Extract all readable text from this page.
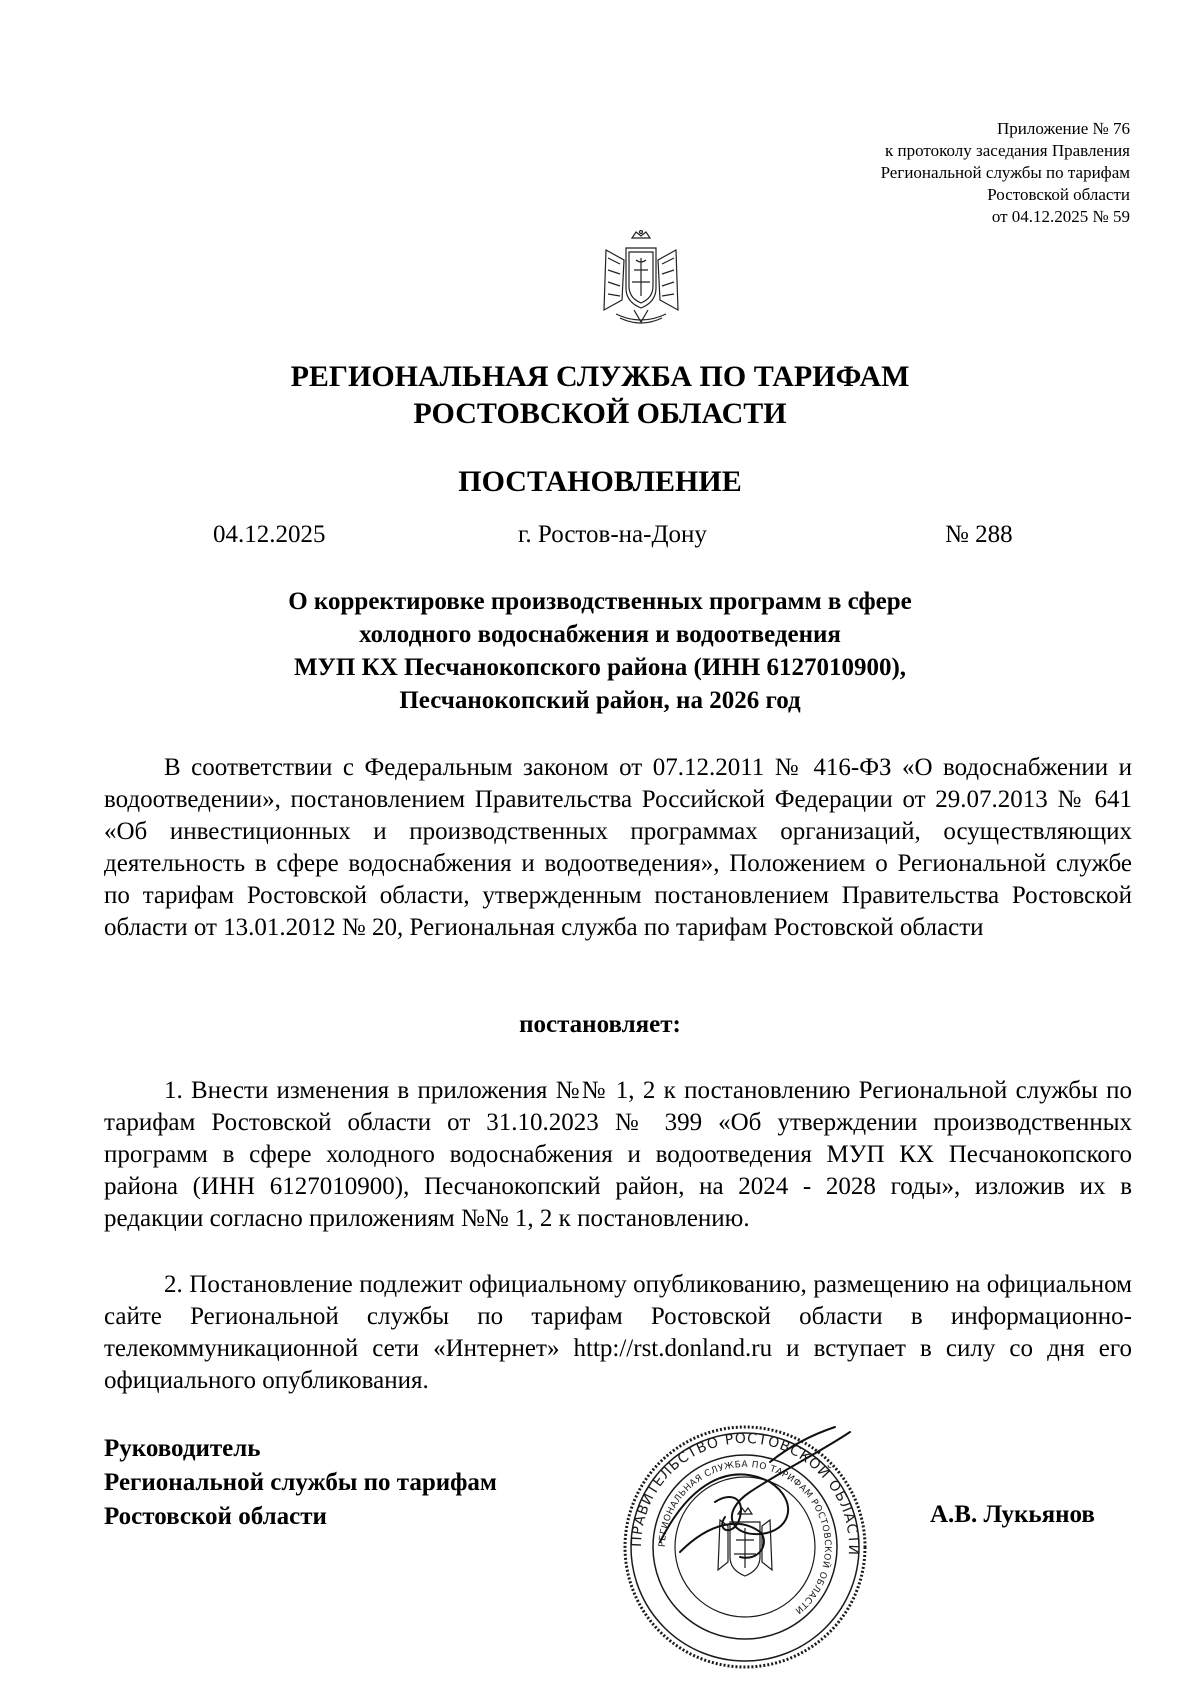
Приложение № 76
к протоколу заседания Правления
Региональной службы по тарифам
Ростовской области
от 04.12.2025 № 59
РЕГИОНАЛЬНАЯ СЛУЖБА ПО ТАРИФАМ
РОСТОВСКОЙ ОБЛАСТИ
ПОСТАНОВЛЕНИЕ
04.12.2025	г. Ростов-на-Дону	№ 288
О корректировке производственных программ в сфере
холодного водоснабжения и водоотведения
МУП КХ Песчанокопского района (ИНН 6127010900),
Песчанокопский район, на 2026 год
В соответствии с Федеральным законом от 07.12.2011 № 416-ФЗ «О водоснабжении и водоотведении», постановлением Правительства Российской Федерации от 29.07.2013 № 641 «Об инвестиционных и производственных программах организаций, осуществляющих деятельность в сфере водоснабжения и водоотведения», Положением о Региональной службе по тарифам Ростовской области, утвержденным постановлением Правительства Ростовской области от 13.01.2012 № 20, Региональная служба по тарифам Ростовской области
постановляет:
1. Внести изменения в приложения №№ 1, 2 к постановлению Региональной службы по тарифам Ростовской области от 31.10.2023 № 399 «Об утверждении производственных программ в сфере холодного водоснабжения и водоотведения МУП КХ Песчанокопского района (ИНН 6127010900), Песчанокопский район, на 2024 - 2028 годы», изложив их в редакции согласно приложениям №№ 1, 2 к постановлению.
2. Постановление подлежит официальному опубликованию, размещению на официальном сайте Региональной службы по тарифам Ростовской области в информационно-телекоммуникационной сети «Интернет» http://rst.donland.ru и вступает в силу со дня его официального опубликования.
Руководитель
Региональной службы по тарифам
Ростовской области
ПРАВИТЕЛЬСТВО РОСТОВСКОЙ ОБЛАСТИ
РЕГИОНАЛЬНАЯ СЛУЖБА ПО ТАРИФАМ РОСТОВСКОЙ ОБЛАСТИ
А.В. Лукьянов
